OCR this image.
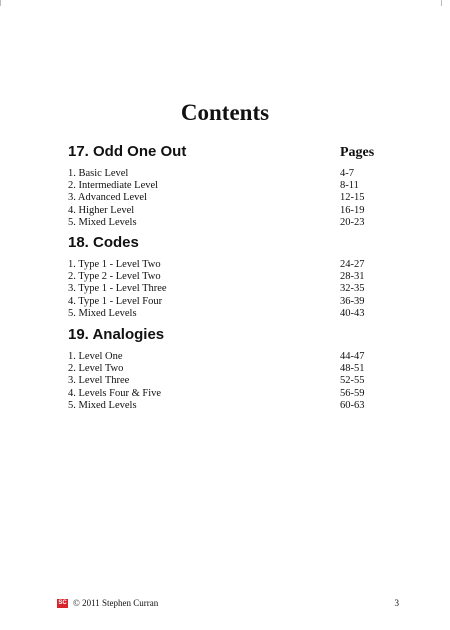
Contents
17. Odd One Out	Pages
1. Basic Level	4-7
2. Intermediate Level	8-11
3. Advanced Level	12-15
4. Higher Level	16-19
5. Mixed Levels	20-23
18. Codes
1. Type 1 - Level Two	24-27
2. Type 2 - Level Two	28-31
3. Type 1 - Level Three	32-35
4. Type 1 - Level Four	36-39
5. Mixed Levels	40-43
19. Analogies
1. Level One	44-47
2. Level Two	48-51
3. Level Three	52-55
4. Levels Four & Five	56-59
5. Mixed Levels	60-63
SC © 2011 Stephen Curran	3
